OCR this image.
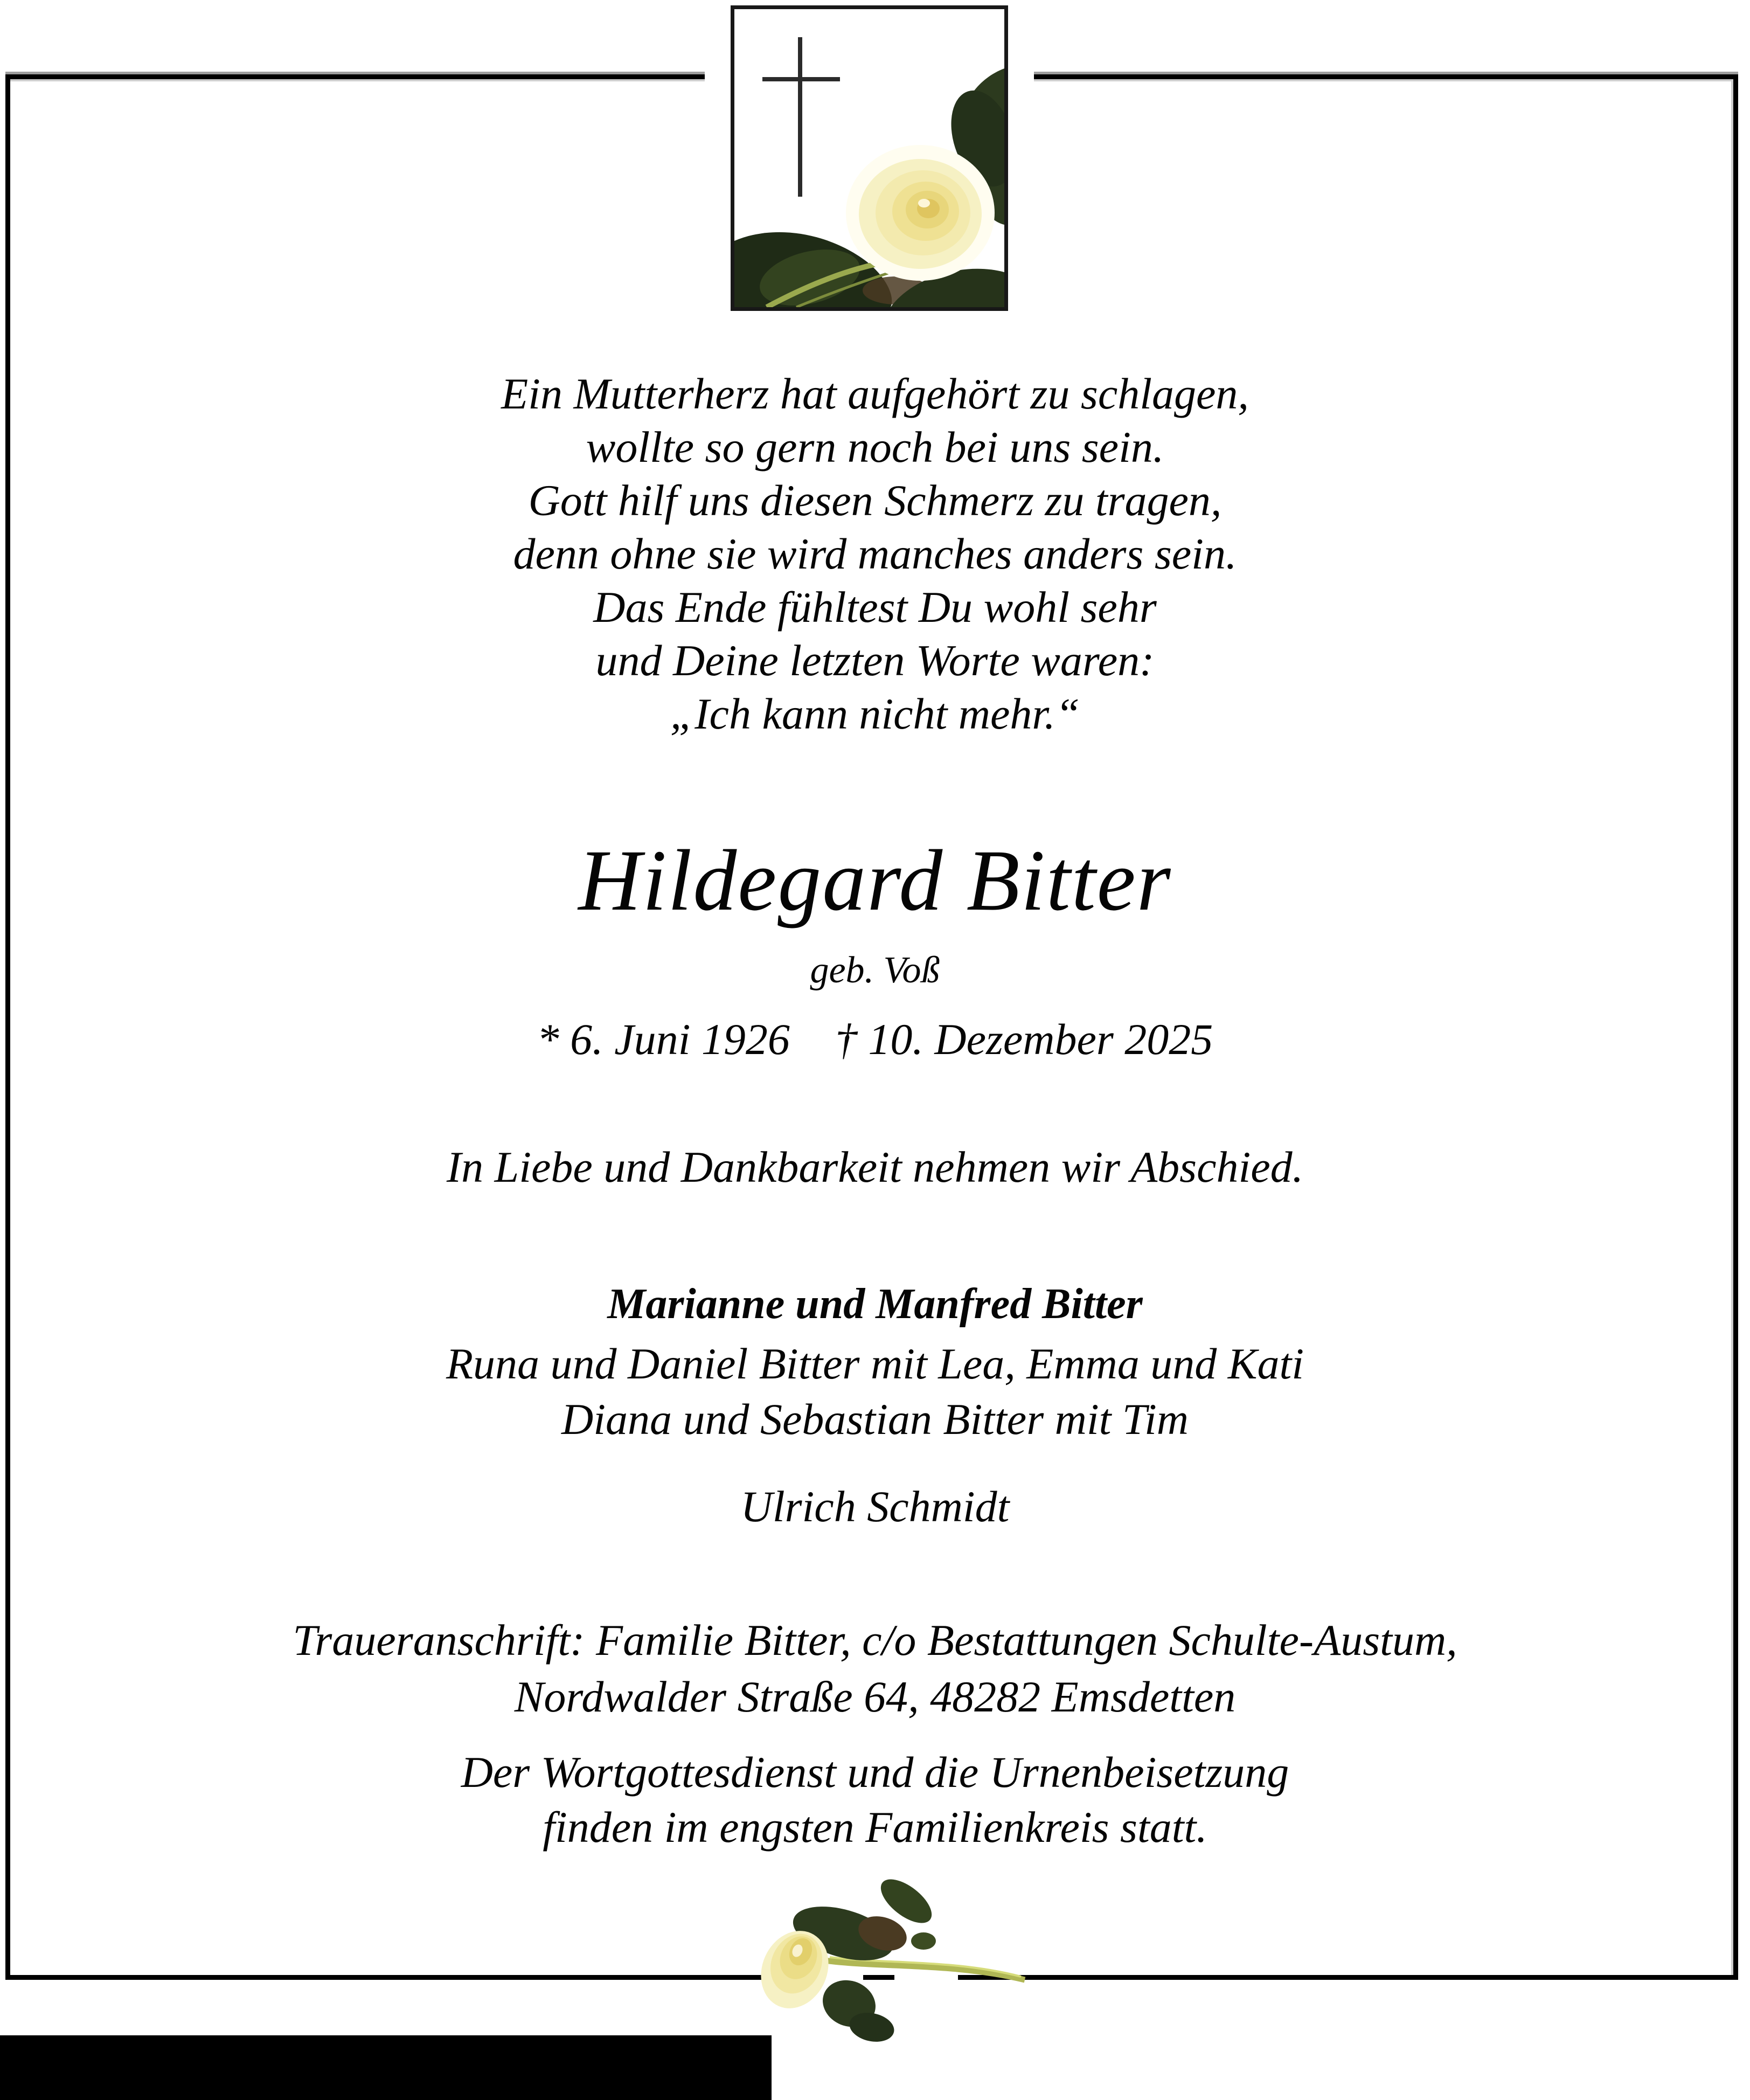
Ein Mutterherz hat aufgehört zu schlagen,
wollte so gern noch bei uns sein.
Gott hilf uns diesen Schmerz zu tragen,
denn ohne sie wird manches anders sein.
Das Ende fühltest Du wohl sehr
und Deine letzten Worte waren:
„Ich kann nicht mehr.“
Hildegard Bitter
geb. Voß
* 6. Juni 1926 † 10. Dezember 2025
In Liebe und Dankbarkeit nehmen wir Abschied.
Marianne und Manfred Bitter
Runa und Daniel Bitter mit Lea, Emma und Kati
Diana und Sebastian Bitter mit Tim
Ulrich Schmidt
Traueranschrift: Familie Bitter, c/o Bestattungen Schulte-Austum,
Nordwalder Straße 64, 48282 Emsdetten
Der Wortgottesdienst und die Urnenbeisetzung
finden im engsten Familienkreis statt.
